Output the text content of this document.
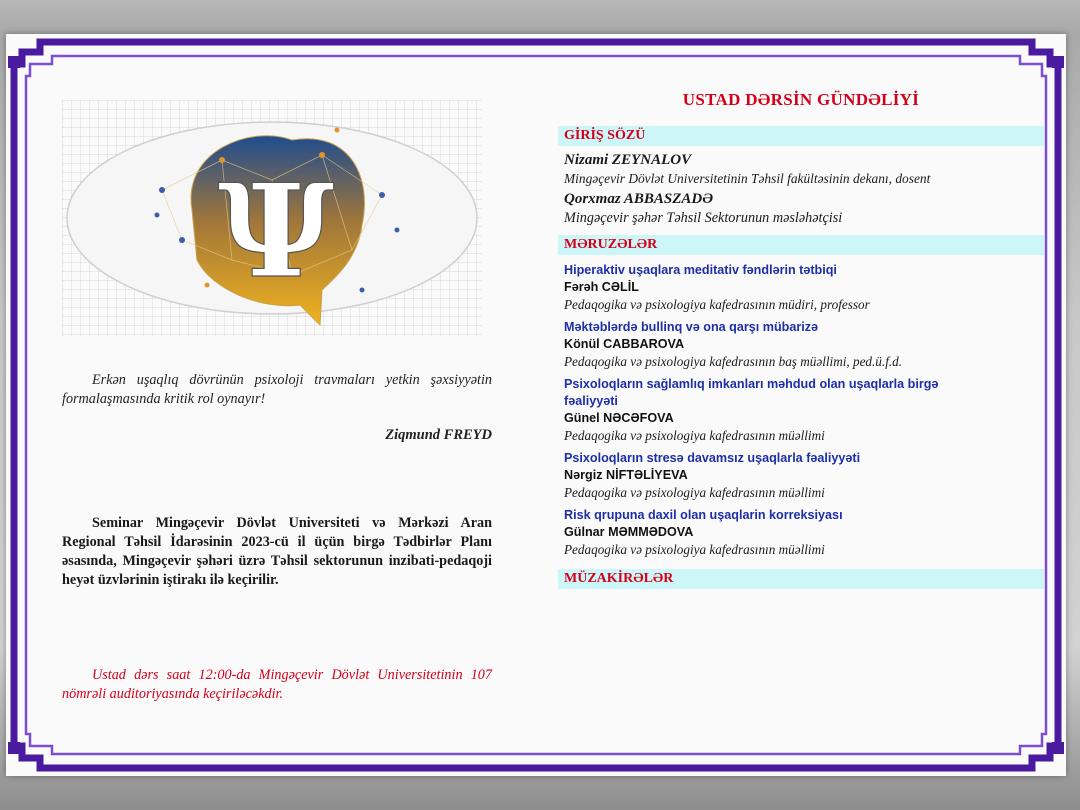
Ψ
Erkən uşaqlıq dövrünün psixoloji travmaları yetkin şəxsiyyətin formalaşmasında kritik rol oynayır!
Ziqmund FREYD
Seminar Mingəçevir Dövlət Universiteti və Mərkəzi Aran Regional Təhsil İdarəsinin 2023-cü il üçün birgə Tədbirlər Planı əsasında, Mingəçevir şəhəri üzrə Təhsil sektorunun inzibati-pedaqoji heyət üzvlərinin iştirakı ilə keçirilir.
Ustad dərs saat 12:00-da Mingəçevir Dövlət Universitetinin 107 nömrəli auditoriyasında keçiriləcəkdir.
USTAD DƏRSİN GÜNDƏLİYİ
GİRİŞ SÖZÜ
Nizami ZEYNALOV
Mingəçevir Dövlət Universitetinin Təhsil fakültəsinin dekanı, dosent
Qorxmaz ABBASZADƏ
Mingəçevir şəhər Təhsil Sektorunun məsləhətçisi
MƏRUZƏLƏR
Hiperaktiv uşaqlara meditativ fəndlərin tətbiqi
Fərəh CƏLİL
Pedaqogika və psixologiya kafedrasının müdiri, professor
Məktəblərdə bullinq və ona qarşı mübarizə
Könül CABBAROVA
Pedaqogika və psixologiya kafedrasının baş müəllimi, ped.ü.f.d.
Psixoloqların sağlamlıq imkanları məhdud olan uşaqlarla birgə fəaliyyəti
Günel NƏCƏFOVA
Pedaqogika və psixologiya kafedrasının müəllimi
Psixoloqların stresə davamsız uşaqlarla fəaliyyəti
Nərgiz NİFTƏLİYEVA
Pedaqogika və psixologiya kafedrasının müəllimi
Risk qrupuna daxil olan uşaqlarin korreksiyası
Gülnar MƏMMƏDOVA
Pedaqogika və psixologiya kafedrasının müəllimi
MÜZAKİRƏLƏR
